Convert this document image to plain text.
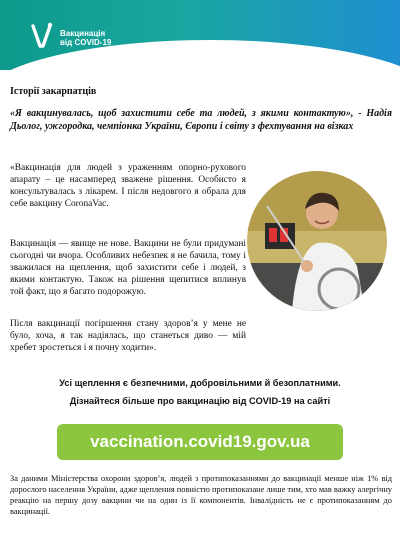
Вакцинація
від COVID-19
Історії закарпатців
«Я вакцинувалась, щоб захистити себе та людей, з якими контактую», - Надія Дьолог, ужгородка, чемпіонка України, Європи і світу з фехтування на візках
«Вакцинація для людей з ураженням опорно-рухового апарату – це насамперед зважене рішення. Особисто я консультувалась з лікарем. І після недовгого я обрала для себе вакцину CoronaVac.
Вакцинація — явище не нове. Вакцини не були придумані сьогодні чи вчора. Особливих небезпек я не бачила, тому і зважилася на щеплення, щоб захистити себе і людей, з якими контактую. Також на рішення щепитися вплинув той факт, що я багато подорожую.
Після вакцинації погіршення стану здоров’я у мене не було, хоча, я так надіялась, що станеться диво — мій хребет зростеться і я почну ходити».
Усі щеплення є безпечними, добровільними й безоплатними.
Дізнайтеся більше про вакцинацію від COVID-19 на сайті
vaccination.covid19.gov.ua
За даними Міністерства охорони здоров’я, людей з протипоказаннями до вакцинації менше ніж 1% від дорослого населення України, адже щеплення повністю протипоказане лише тим, хто мав важку алергічну реакцію на першу дозу вакцини чи на один із її компонентів. Інвалідність не є протипоказанням до вакцинації.
